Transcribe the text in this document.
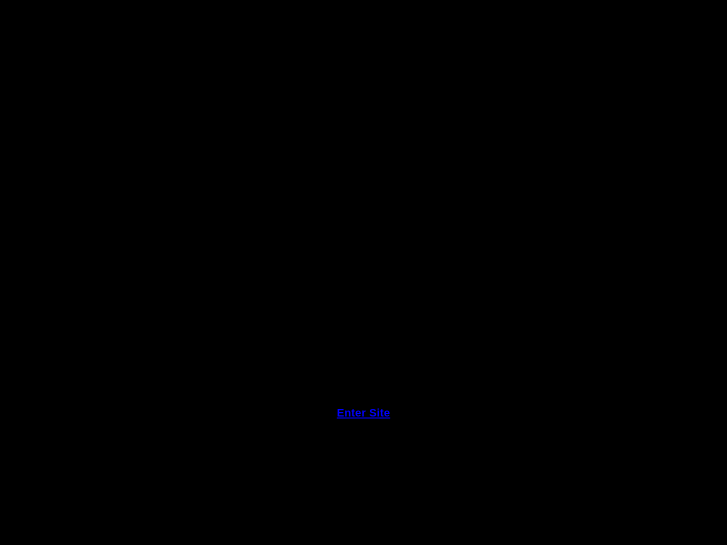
Enter Site
